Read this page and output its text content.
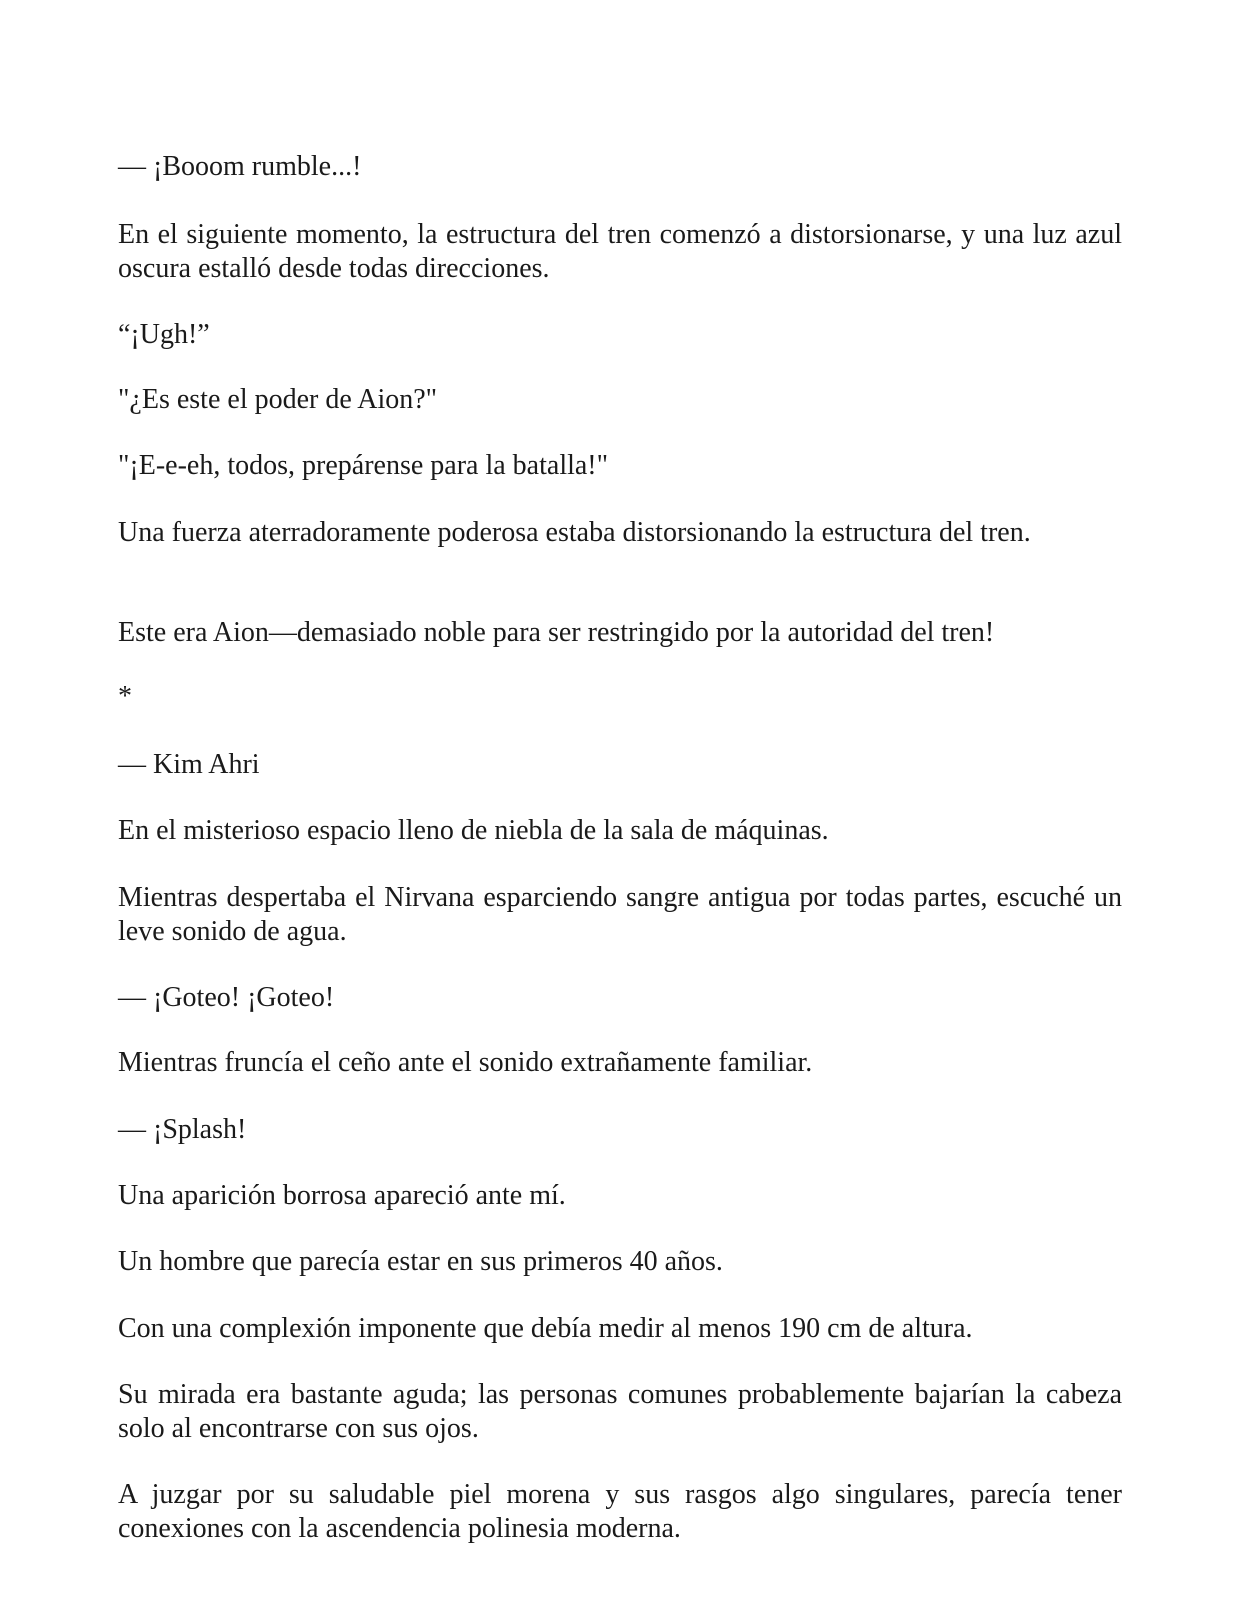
— ¡Booom rumble...!

En el siguiente momento, la estructura del tren comenzó a distorsionarse, y una luz azul oscura estalló desde todas direcciones.

“¡Ugh!”

"¿Es este el poder de Aion?"

"¡E-e-eh, todos, prepárense para la batalla!"

Una fuerza aterradoramente poderosa estaba distorsionando la estructura del tren.

Este era Aion—demasiado noble para ser restringido por la autoridad del tren!

*

— Kim Ahri

En el misterioso espacio lleno de niebla de la sala de máquinas.

Mientras despertaba el Nirvana esparciendo sangre antigua por todas partes, escuché un leve sonido de agua.

— ¡Goteo! ¡Goteo!

Mientras fruncía el ceño ante el sonido extrañamente familiar.

— ¡Splash!

Una aparición borrosa apareció ante mí.

Un hombre que parecía estar en sus primeros 40 años.

Con una complexión imponente que debía medir al menos 190 cm de altura.

Su mirada era bastante aguda; las personas comunes probablemente bajarían la cabeza solo al encontrarse con sus ojos.

A juzgar por su saludable piel morena y sus rasgos algo singulares, parecía tener conexiones con la ascendencia polinesia moderna.
